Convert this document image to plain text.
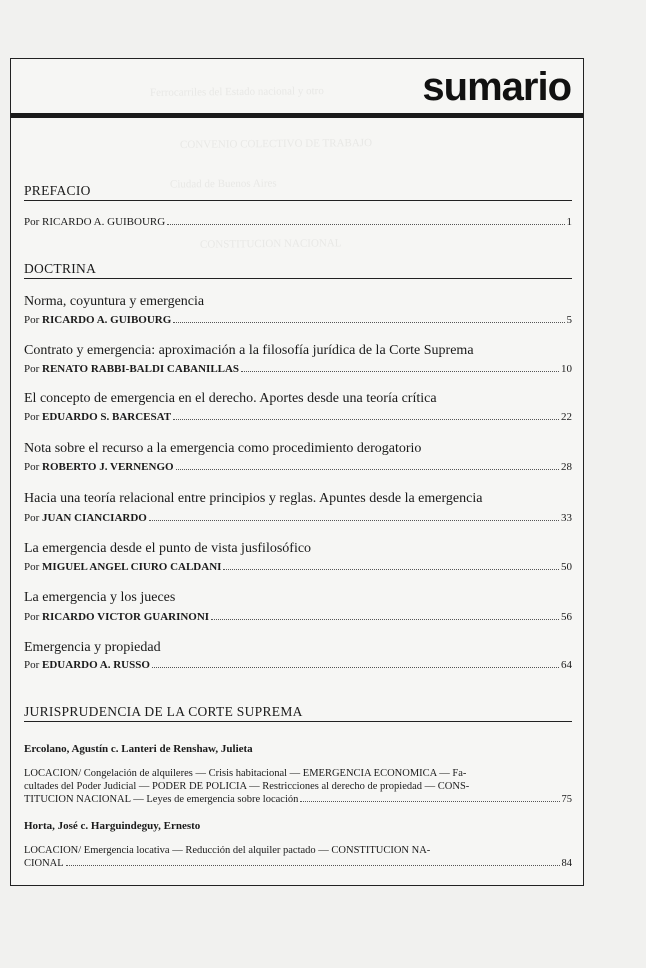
sumario
PREFACIO
Por
RICARDO A. GUIBOURG	1
DOCTRINA
Norma, coyuntura y emergencia
Por
RICARDO A. GUIBOURG	5
Contrato y emergencia: aproximación a la filosofía jurídica de la Corte Suprema
Por
RENATO RABBI-BALDI CABANILLAS	10
El concepto de emergencia en el derecho. Aportes desde una teoría crítica
Por
EDUARDO S. BARCESAT	22
Nota sobre el recurso a la emergencia como procedimiento derogatorio
Por
ROBERTO J. VERNENGO	28
Hacia una teoría relacional entre principios y reglas. Apuntes desde la emergencia
Por
JUAN CIANCIARDO	33
La emergencia desde el punto de vista jusfilosófico
Por
MIGUEL ANGEL CIURO CALDANI	50
La emergencia y los jueces
Por
RICARDO VICTOR GUARINONI	56
Emergencia y propiedad
Por
EDUARDO A. RUSSO	64
JURISPRUDENCIA DE LA CORTE SUPREMA
Ercolano, Agustín c. Lanteri de Renshaw, Julieta
LOCACION/ Congelación de alquileres — Crisis habitacional — EMERGENCIA ECONOMICA — Fa-
cultades del Poder Judicial — PODER DE POLICIA — Restricciones al derecho de propiedad — CONS-
TITUCION NACIONAL — Leyes de emergencia sobre locación	75
Horta, José c. Harguindeguy, Ernesto
LOCACION/ Emergencia locativa — Reducción del alquiler pactado — CONSTITUCION NA-
CIONAL	84
